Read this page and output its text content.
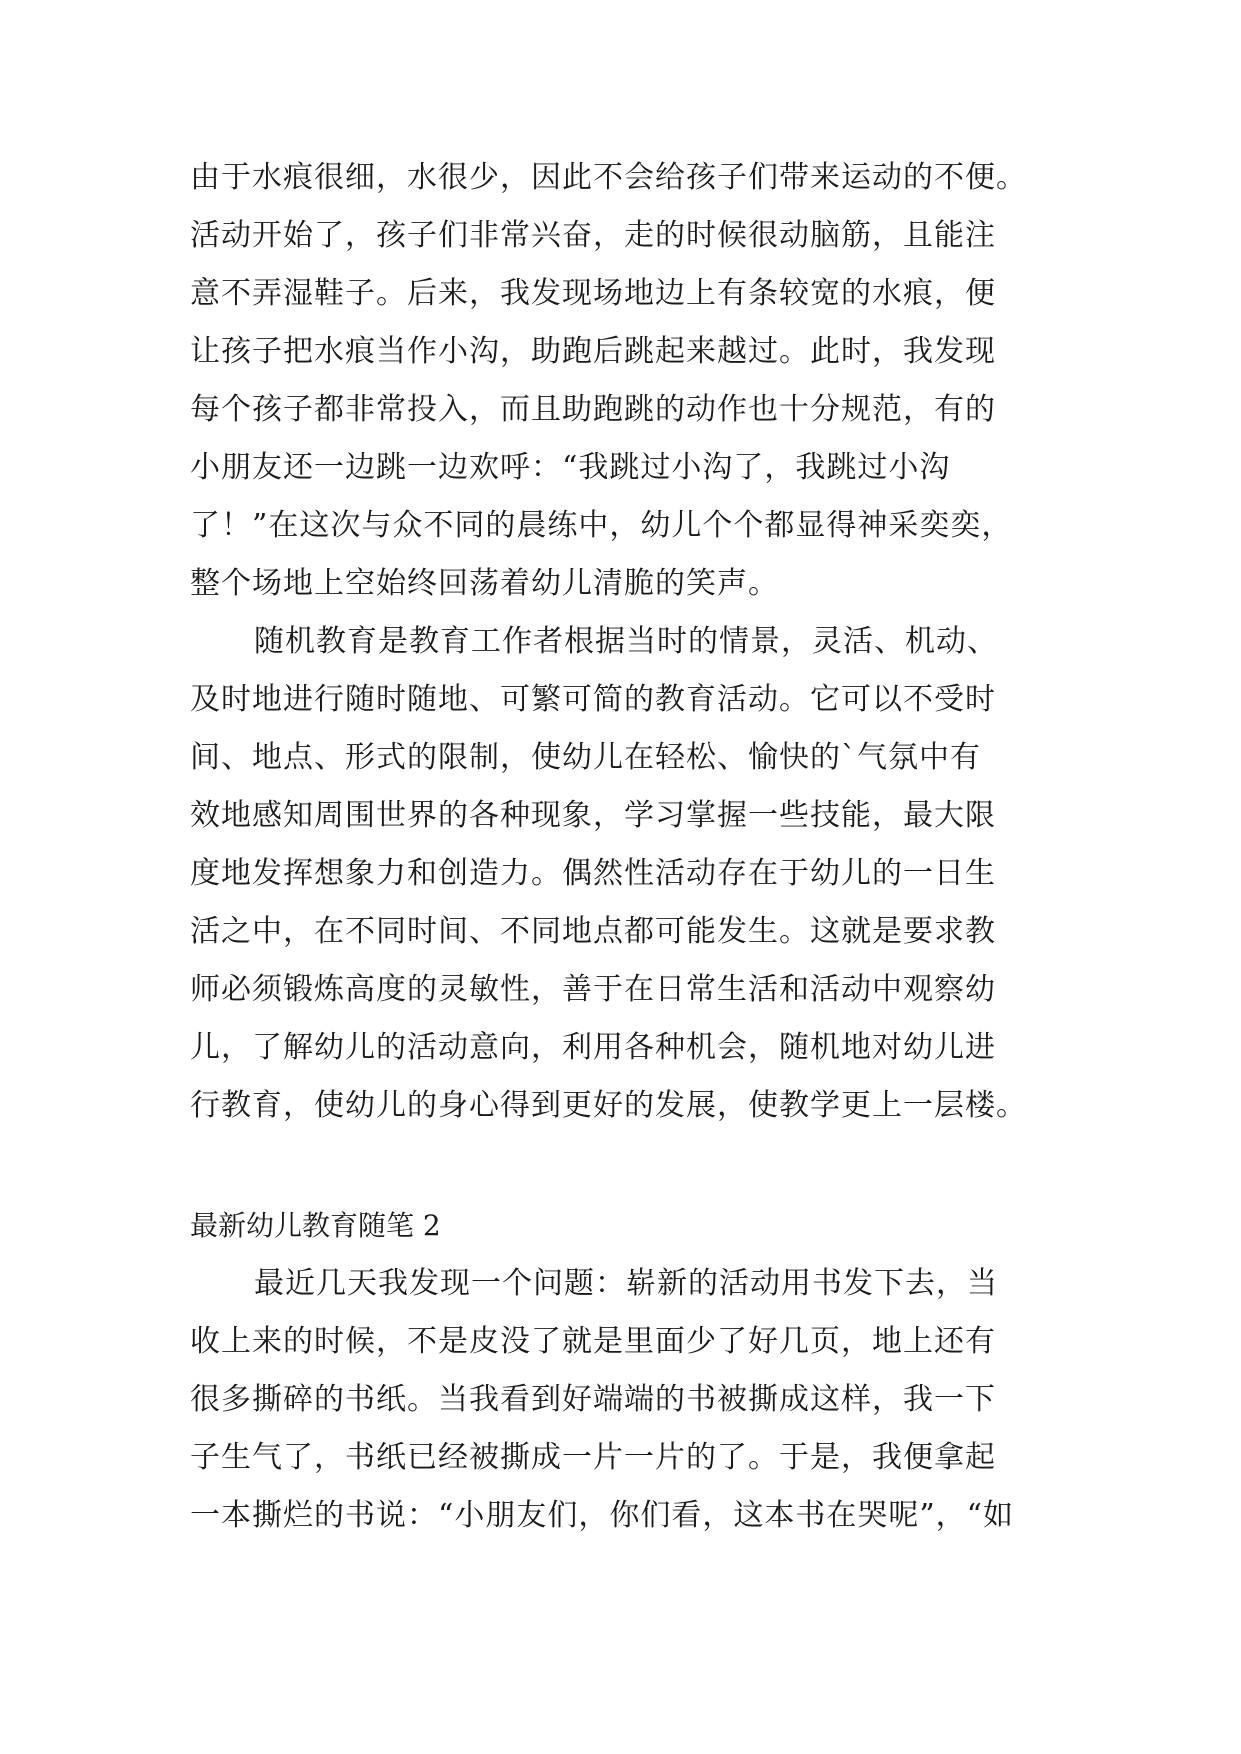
由于水痕很细，水很少，因此不会给孩子们带来运动的不便。
活动开始了，孩子们非常兴奋，走的时候很动脑筋，且能注
意不弄湿鞋子。后来，我发现场地边上有条较宽的水痕，便
让孩子把水痕当作小沟，助跑后跳起来越过。此时，我发现
每个孩子都非常投入，而且助跑跳的动作也十分规范，有的
小朋友还一边跳一边欢呼：“我跳过小沟了，我跳过小沟
了！”在这次与众不同的晨练中，幼儿个个都显得神采奕奕，
整个场地上空始终回荡着幼儿清脆的笑声。
随机教育是教育工作者根据当时的情景，灵活、机动、
及时地进行随时随地、可繁可简的教育活动。它可以不受时
间、地点、形式的限制，使幼儿在轻松、愉快的`气氛中有
效地感知周围世界的各种现象，学习掌握一些技能，最大限
度地发挥想象力和创造力。偶然性活动存在于幼儿的一日生
活之中，在不同时间、不同地点都可能发生。这就是要求教
师必须锻炼高度的灵敏性，善于在日常生活和活动中观察幼
儿，了解幼儿的活动意向，利用各种机会，随机地对幼儿进
行教育，使幼儿的身心得到更好的发展，使教学更上一层楼。
最新幼儿教育随笔 2
最近几天我发现一个问题：崭新的活动用书发下去，当
收上来的时候，不是皮没了就是里面少了好几页，地上还有
很多撕碎的书纸。当我看到好端端的书被撕成这样，我一下
子生气了，书纸已经被撕成一片一片的了。于是，我便拿起
一本撕烂的书说：“小朋友们，你们看，这本书在哭呢”，“如
